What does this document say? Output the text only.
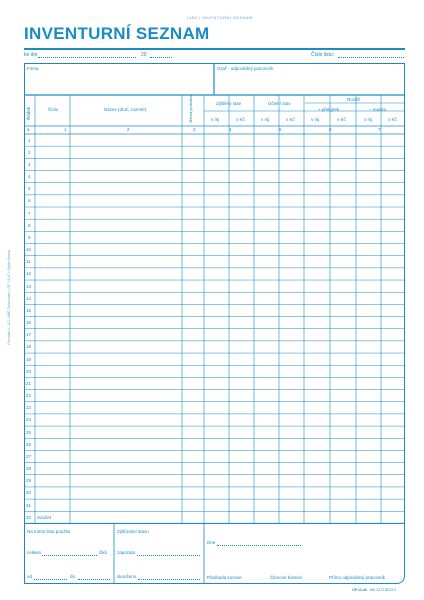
(ABC) INVENTURNÍ SEZNAM
INVENTURNÍ SEZNAM
ke dni	20	Číslo listu:
Firma	Osoř - odpovědný pracovník
Řádek	Číslo	Název (druh, rozměr)	Měrná jednotka	Zjištěný stav	Účetní stav
Rozdíl
+ přebytek	– manko
v mj	v Kč	v mj	v Kč	v mj	v Kč	v mj	v Kč
a	1	2	3	4	5	6	7
1
2
3
4
5
6
7
8
9
10
11
12
13
14
15
16
17
18
19
20
21
22
23
24
25
26
27
28
29
30
31
32 Součet
Na tomto listu použito
celkem	čiků
od	do
Zjišťování stavu
započato
skončeno
Dne
Předseda komise	Členové komise	Přímo odpovědný pracovník
Formulář č. 112 • ABC Zpracování • OP 13-40 • Optys Opava
OP 13-40 MK 3172 8223 3
